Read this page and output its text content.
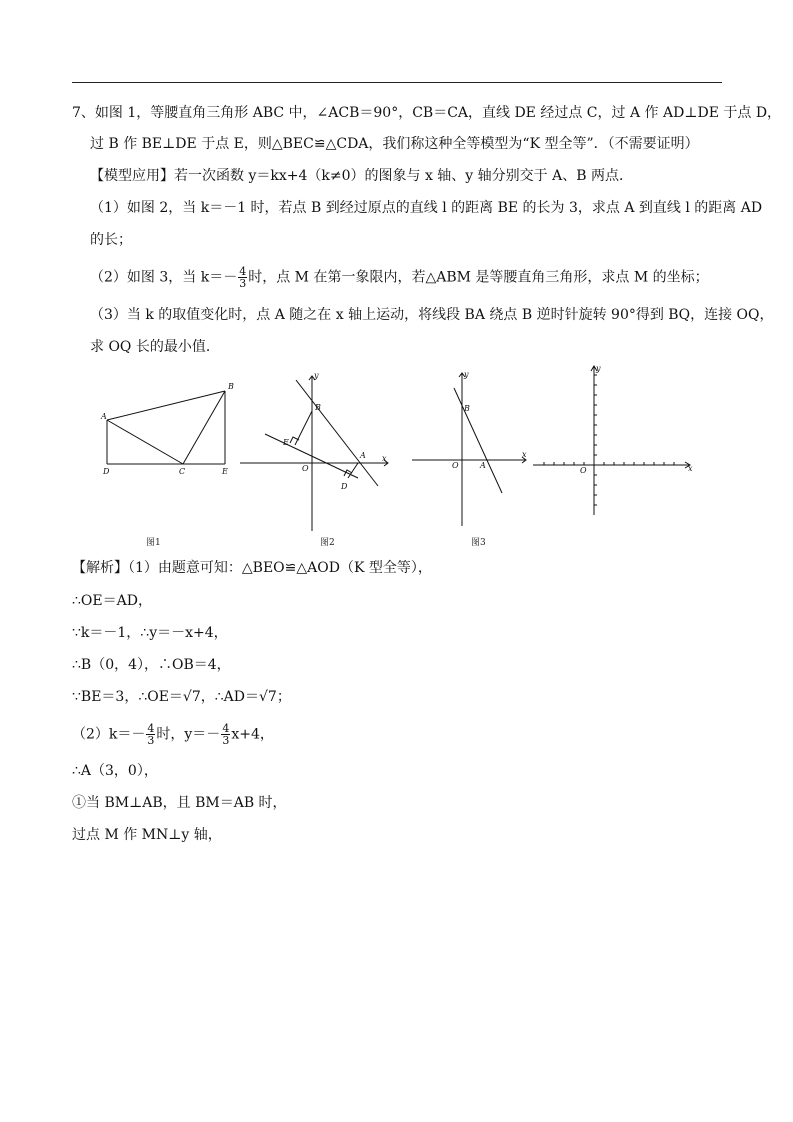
7、如图 1，等腰直角三角形 ABC 中，∠ACB＝90°，CB＝CA，直线 DE 经过点 C，过 A 作 AD⊥DE 于点 D，
过 B 作 BE⊥DE 于点 E，则△BEC≌△CDA，我们称这种全等模型为“K 型全等”．（不需要证明）
【模型应用】若一次函数 y＝kx+4（k≠0）的图象与 x 轴、y 轴分别交于 A、B 两点．
（1）如图 2，当 k＝－1 时，若点 B 到经过原点的直线 l 的距离 BE 的长为 3，求点 A 到直线 l 的距离 AD
的长；
（2）如图 3，当 $k=- \frac{4}{3}$ 时，点 M 在第一象限内，若△ABM 是等腰直角三角形，求点 M 的坐标；
（3）当 k 的取值变化时，点 A 随之在 x 轴上运动，将线段 BA 绕点 B 逆时针旋转 90°得到 BQ，连接 OQ，
求 OQ 长的最小值．
A
B
C
D	E
图1
y
B
E
O
A x
D
图2
y
B
O	A
x
图3
y
O	x
【解析】（1）由题意可知：△BEO≌△AOD（K 型全等），
∴OE＝AD，
∵k＝－1，∴y＝－x+4，
∴B（0，4），∴OB＝4，
∵BE＝3，∴OE＝√7，∴AD＝√7；
$(2)k=- \frac{4}{3}$ 时，$y=- \frac{4}{3} x+4$，
∴A（3，0），
①当 BM⊥AB，且 BM＝AB 时，
过点 M 作 MN⊥y 轴，
